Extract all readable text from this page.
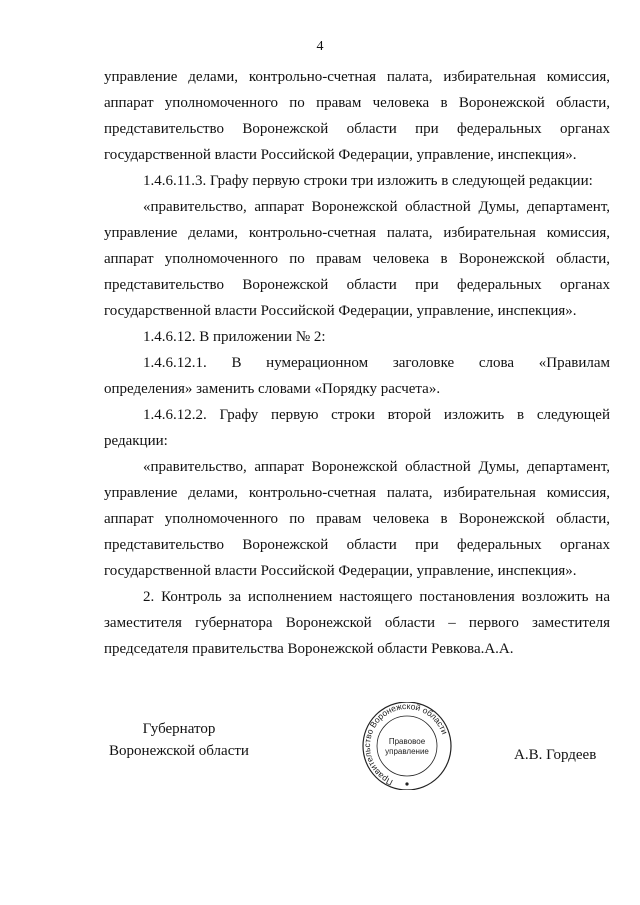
4
управление делами, контрольно-счетная палата, избирательная комиссия,
аппарат уполномоченного по правам человека в Воронежской области,
представительство Воронежской области при федеральных органах
государственной власти Российской Федерации, управление, инспекция».
1.4.6.11.3. Графу первую строки три изложить в следующей редакции:
«правительство, аппарат Воронежской областной Думы, департамент,
управление делами, контрольно-счетная палата, избирательная комиссия,
аппарат уполномоченного по правам человека в Воронежской области,
представительство Воронежской области при федеральных органах
государственной власти Российской Федерации, управление, инспекция».
1.4.6.12. В приложении № 2:
1.4.6.12.1. В нумерационном заголовке слова «Правилам
определения» заменить словами «Порядку расчета».
1.4.6.12.2. Графу первую строки второй изложить в следующей
редакции:
«правительство, аппарат Воронежской областной Думы, департамент,
управление делами, контрольно-счетная палата, избирательная комиссия,
аппарат уполномоченного по правам человека в Воронежской области,
представительство Воронежской области при федеральных органах
государственной власти Российской Федерации, управление, инспекция».
2. Контроль за исполнением настоящего постановления возложить на
заместителя губернатора Воронежской области – первого заместителя
председателя правительства Воронежской области Ревкова.А.А.
Губернатор
Воронежской области
Правительство Воронежской области
Правовое
управление	А.В. Гордеев
